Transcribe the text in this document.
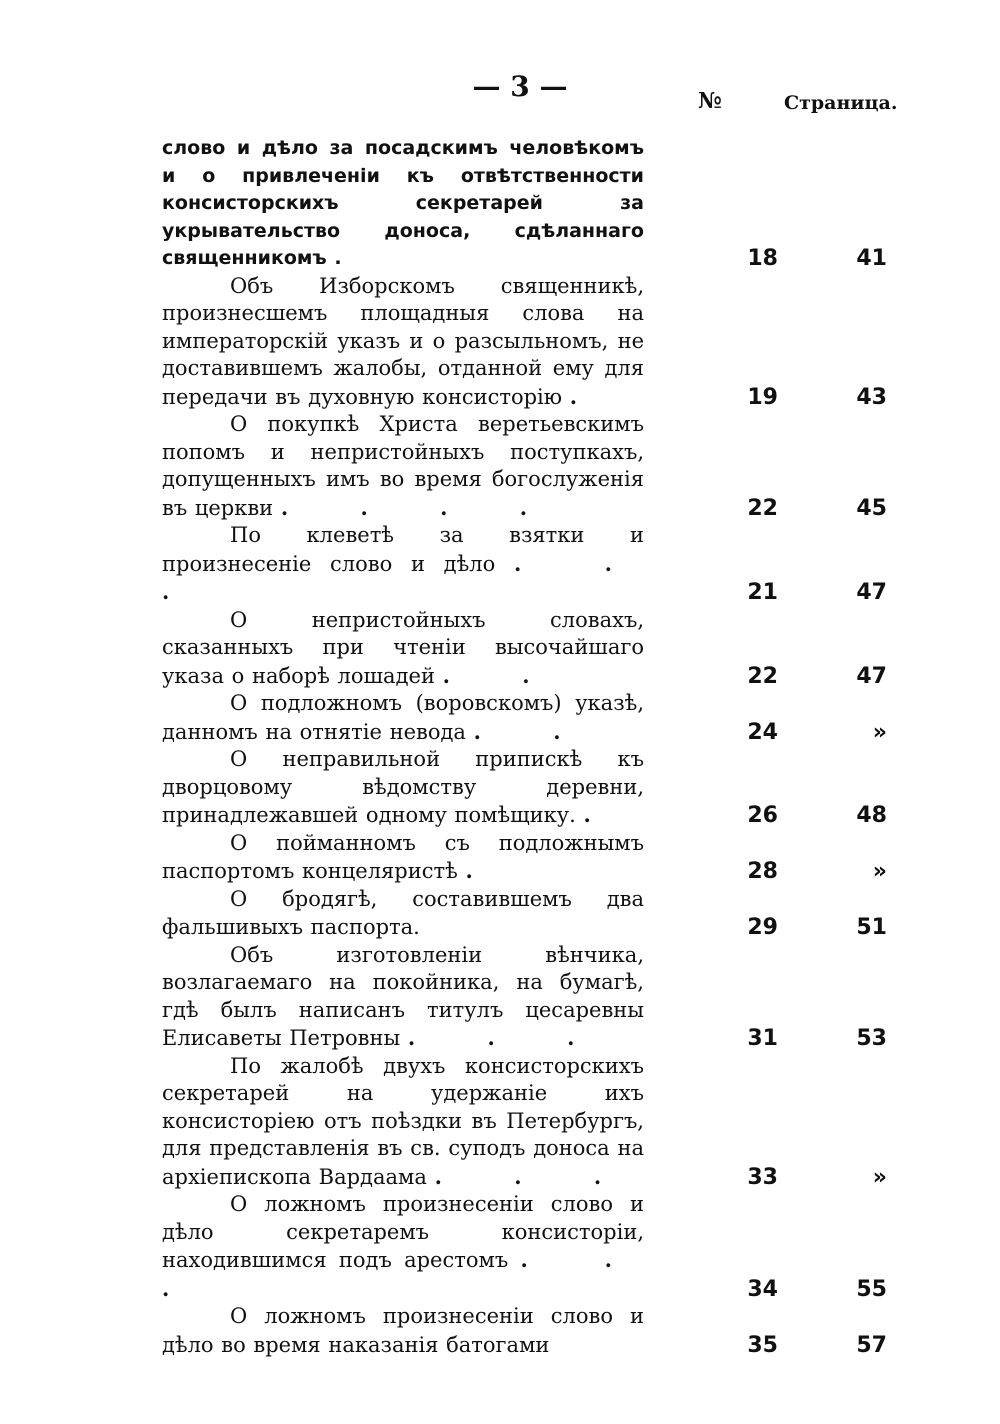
— 3 —	№	Страница.
слово и дѣло за посадскимъ человѣкомъ и о привлеченіи къ отвѣтственности консисторскихъ секретарей за укрывательство доноса, сдѣланнаго священникомъ .	18	41
Объ Изборскомъ священникѣ, произнесшемъ площадныя слова на императорскій указъ и о разсыльномъ, не доставившемъ жалобы, отданной ему для передачи въ духовную консисторію .	19	43
О покупкѣ Христа веретьевскимъ попомъ и непристойныхъ поступкахъ, допущенныхъ имъ во время богослуженія въ церкви . . . .	22	45
По клеветѣ за взятки и произнесеніе слово и дѣло . . .	21	47
О непристойныхъ словахъ, сказанныхъ при чтеніи высочайшаго указа о наборѣ лошадей . .	22	47
О подложномъ (воровскомъ) указѣ, данномъ на отнятіе невода . .	24	»
О неправильной припискѣ къ дворцовому вѣдомству деревни, принадлежавшей одному помѣщику. .	26	48
О пойманномъ съ подложнымъ паспортомъ концеляристѣ .	28	»
О бродягѣ, составившемъ два фальшивыхъ паспорта.	29	51
Объ изготовленіи вѣнчика, возлагаемаго на покойника, на бумагѣ, гдѣ былъ написанъ титулъ цесаревны Елисаветы Петровны . . .	31	53
По жалобѣ двухъ консисторскихъ секретарей на удержаніе ихъ консисторіею отъ поѣздки въ Петербургъ, для представленія въ св. суподъ доноса на архіепископа Вардаама . . .	33	»
О ложномъ произнесеніи слово и дѣло секретаремъ консисторіи, находившимся подъ арестомъ . . .	34	55
О ложномъ произнесеніи слово и дѣло во время наказанія батогами	35	57
